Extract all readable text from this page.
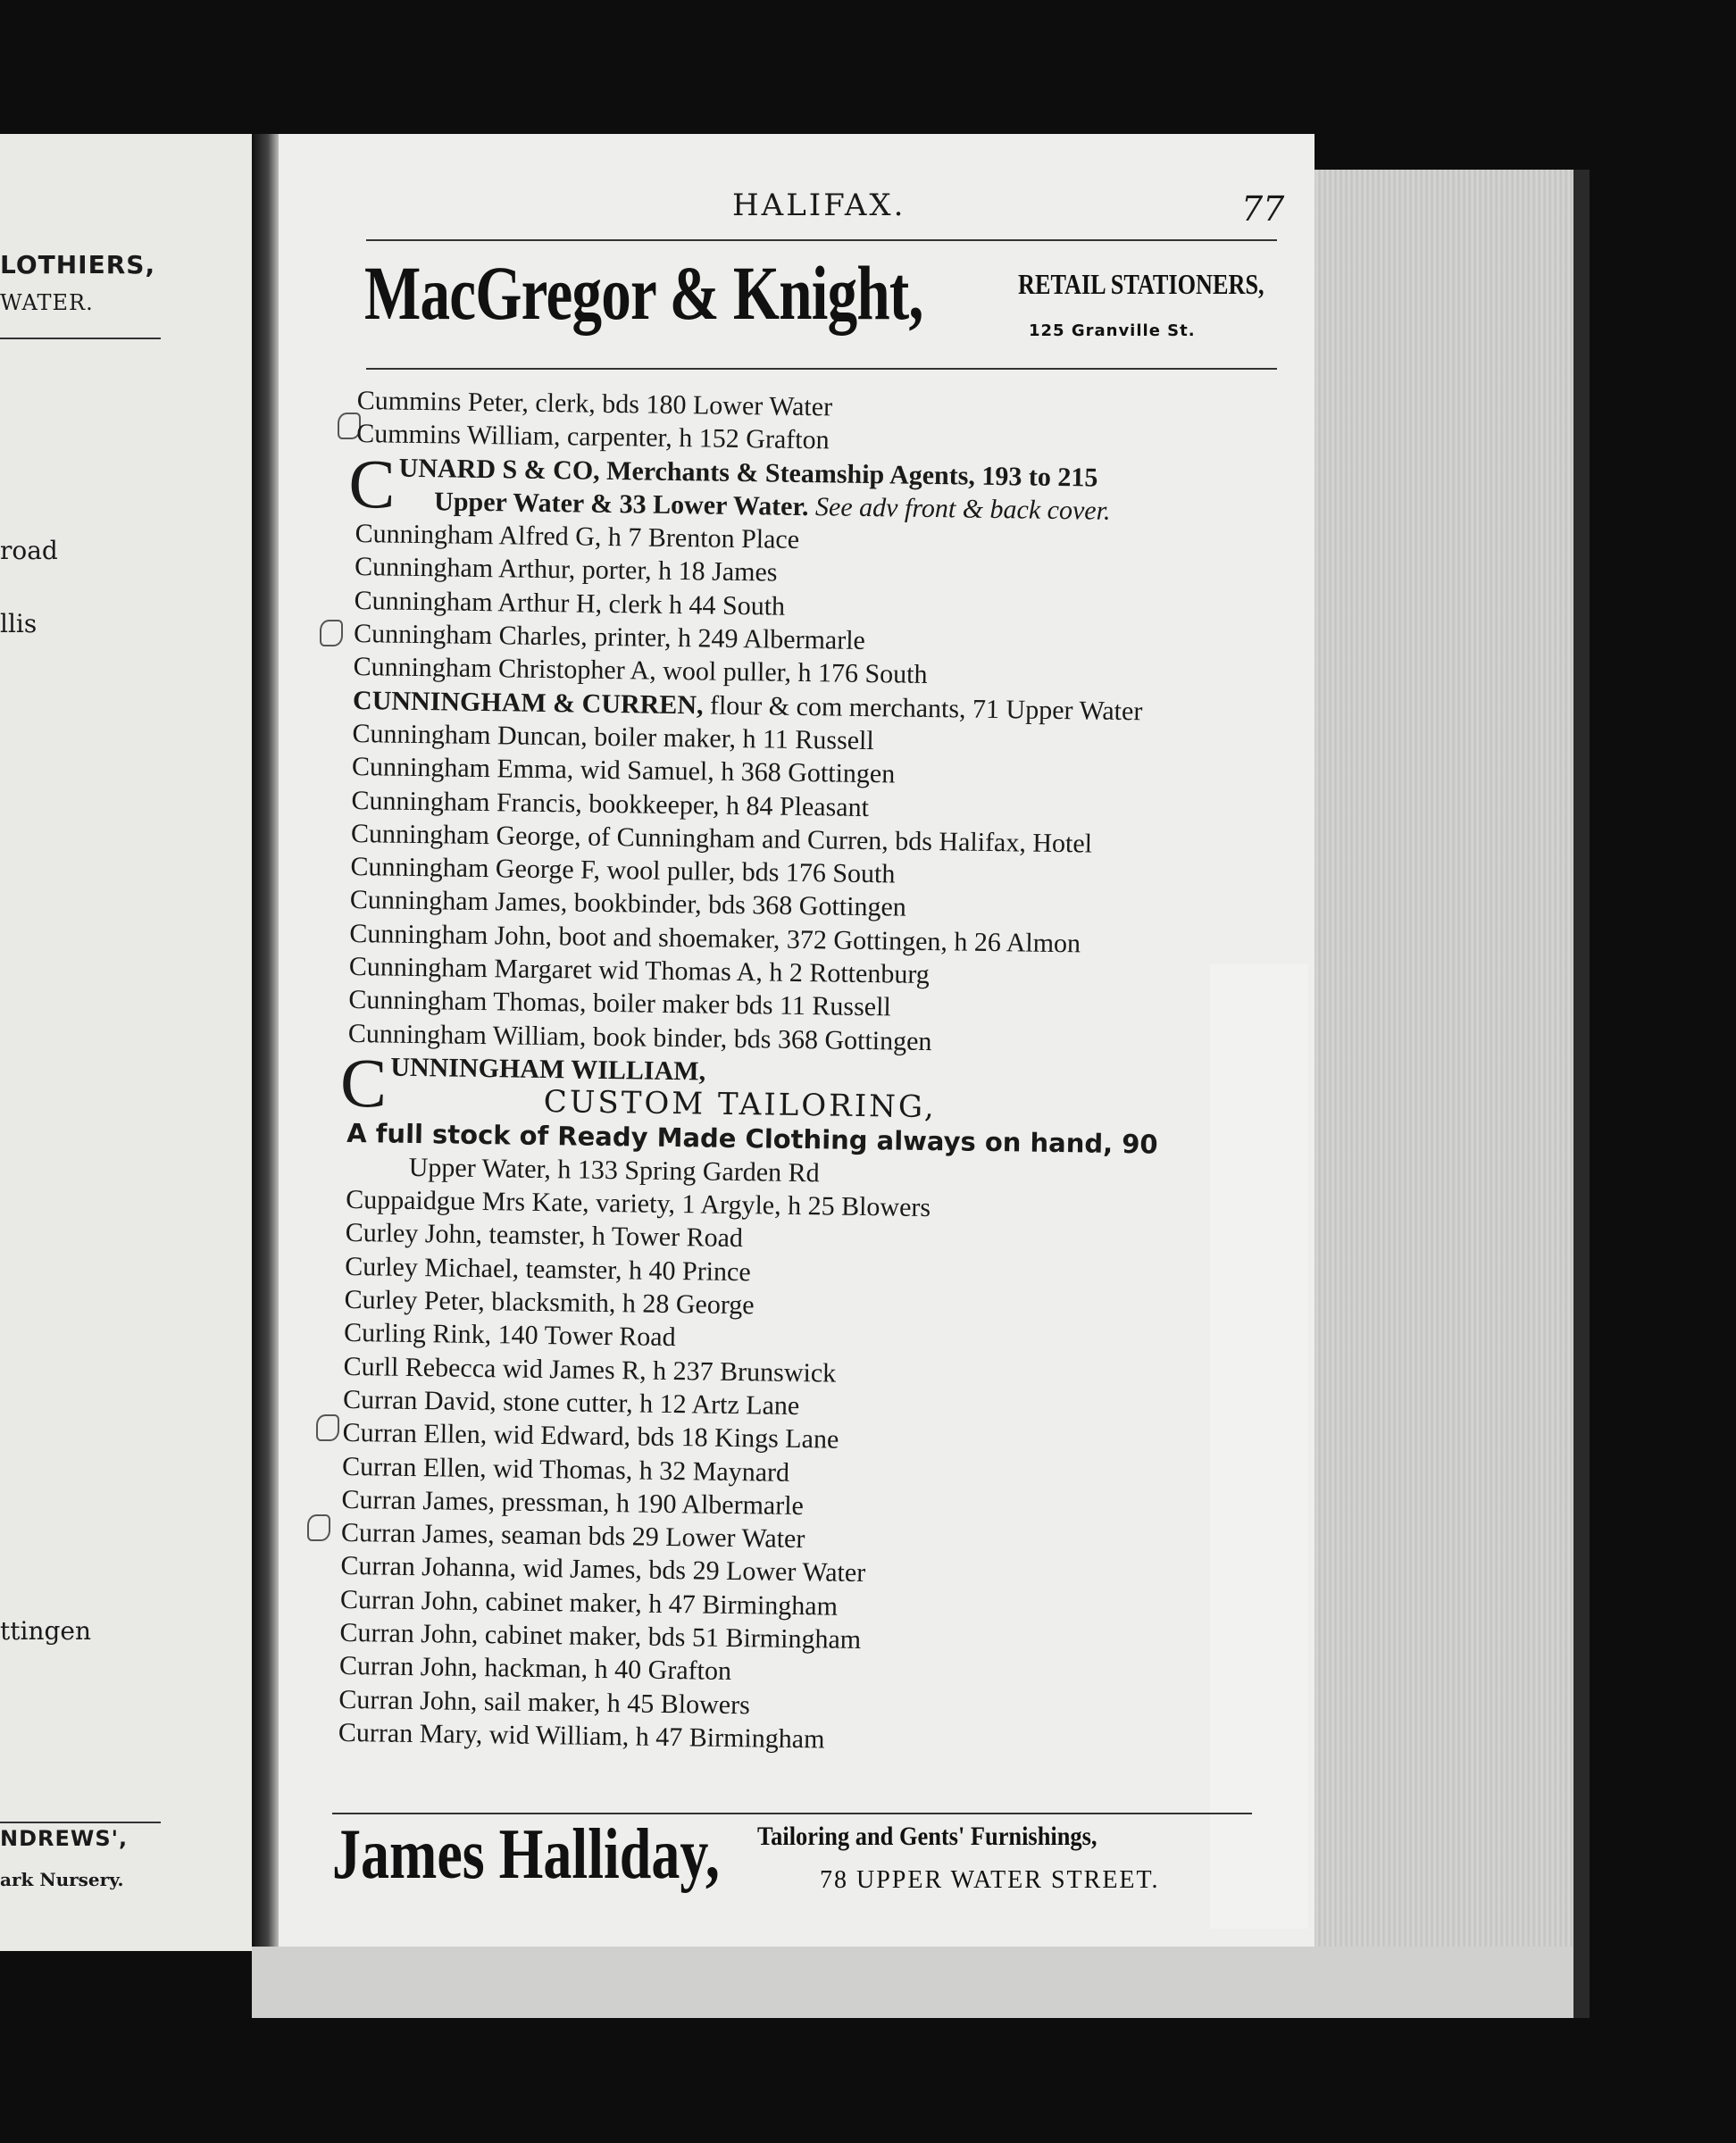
LOTHIERS,
WATER.
road
llis
ttingen
NDREWS',
ark Nursery.
HALIFAX.	77
MacGregor & Knight,	RETAIL STATIONERS,
125 Granville St.
Cummins Peter, clerk, bds 180 Lower Water
Cummins William, carpenter, h 152 Grafton
C UNARD S & CO, Merchants & Steamship Agents, 193 to 215
Upper Water & 33 Lower Water. See adv front & back cover.
Cunningham Alfred G, h 7 Brenton Place
Cunningham Arthur, porter, h 18 James
Cunningham Arthur H, clerk h 44 South
Cunningham Charles, printer, h 249 Albermarle
Cunningham Christopher A, wool puller, h 176 South
CUNNINGHAM & CURREN, flour & com merchants, 71 Upper Water
Cunningham Duncan, boiler maker, h 11 Russell
Cunningham Emma, wid Samuel, h 368 Gottingen
Cunningham Francis, bookkeeper, h 84 Pleasant
Cunningham George, of Cunningham and Curren, bds Halifax, Hotel
Cunningham George F, wool puller, bds 176 South
Cunningham James, bookbinder, bds 368 Gottingen
Cunningham John, boot and shoemaker, 372 Gottingen, h 26 Almon
Cunningham Margaret wid Thomas A, h 2 Rottenburg
Cunningham Thomas, boiler maker bds 11 Russell
Cunningham William, book binder, bds 368 Gottingen
C UNNINGHAM WILLIAM,
CUSTOM TAILORING,
A full stock of Ready Made Clothing always on hand, 90
Upper Water, h 133 Spring Garden Rd
Cuppaidgue Mrs Kate, variety, 1 Argyle, h 25 Blowers
Curley John, teamster, h Tower Road
Curley Michael, teamster, h 40 Prince
Curley Peter, blacksmith, h 28 George
Curling Rink, 140 Tower Road
Curll Rebecca wid James R, h 237 Brunswick
Curran David, stone cutter, h 12 Artz Lane
Curran Ellen, wid Edward, bds 18 Kings Lane
Curran Ellen, wid Thomas, h 32 Maynard
Curran James, pressman, h 190 Albermarle
Curran James, seaman bds 29 Lower Water
Curran Johanna, wid James, bds 29 Lower Water
Curran John, cabinet maker, h 47 Birmingham
Curran John, cabinet maker, bds 51 Birmingham
Curran John, hackman, h 40 Grafton
Curran John, sail maker, h 45 Blowers
Curran Mary, wid William, h 47 Birmingham
James Halliday, Tailoring and Gents' Furnishings,
78 UPPER WATER STREET.
